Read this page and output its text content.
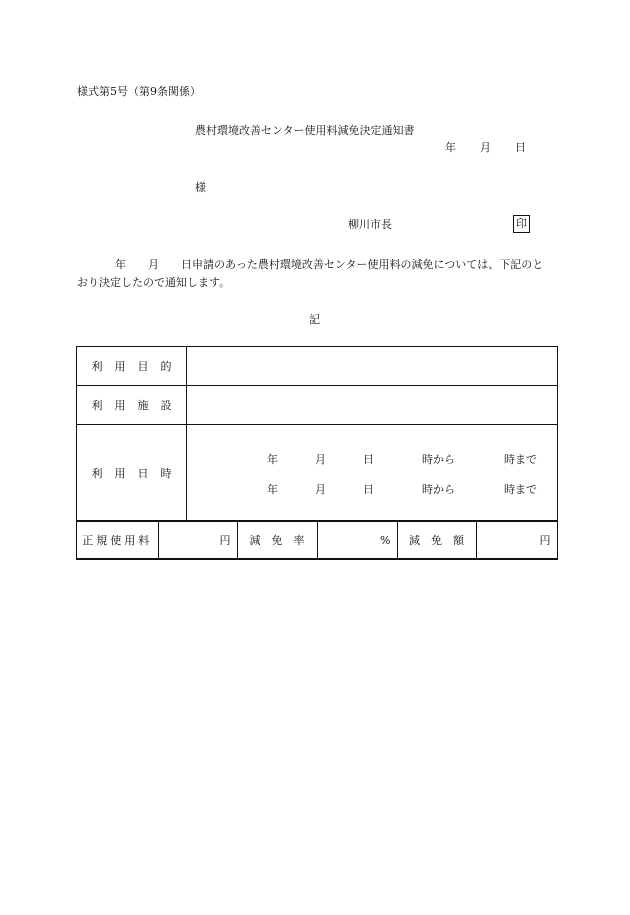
様式第5号（第9条関係）
農村環境改善センター使用料減免決定通知書
年 月 日
様
柳川市長	印
年 月 日申請のあった農村環境改善センター使用料の減免については、下記のとおり決定したので通知します。
記
利 用 目 的	
利 用 施 設	
利 用 日 時	
年	月	日	時から	時まで
年	月	日	時から	時まで

正規使用料	円	減 免 率	%	減 免 額	円
